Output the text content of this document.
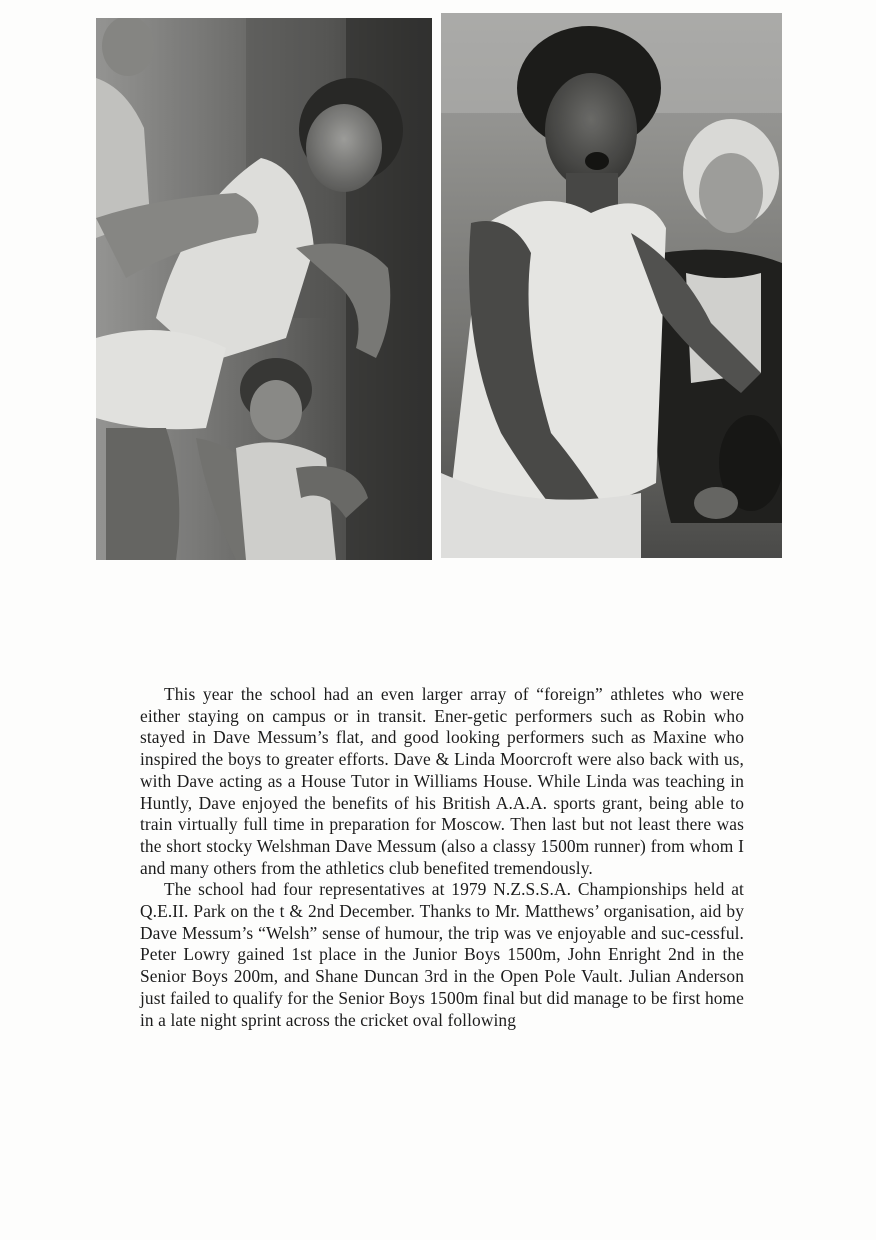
This year the school had an even larger array of “foreign” athletes who were either staying on campus or in transit. Ener-getic performers such as Robin who stayed in Dave Messum’s flat, and good looking performers such as Maxine who inspired the boys to greater efforts. Dave & Linda Moorcroft were also back with us, with Dave acting as a House Tutor in Williams House. While Linda was teaching in Huntly, Dave enjoyed the benefits of his British A.A.A. sports grant, being able to train virtually full time in preparation for Moscow. Then last but not least there was the short stocky Welshman Dave Messum (also a classy 1500m runner) from whom I and many others from the athletics club benefited tremendously.

The school had four representatives at 1979 N.Z.S.S.A. Championships held at Q.E.II. Park on the t & 2nd December. Thanks to Mr. Matthews’ organisation, aid by Dave Messum’s “Welsh” sense of humour, the trip was ve enjoyable and suc-cessful. Peter Lowry gained 1st place in the Junior Boys 1500m, John Enright 2nd in the Senior Boys 200m, and Shane Duncan 3rd in the Open Pole Vault. Julian Anderson just failed to qualify for the Senior Boys 1500m final but did manage to be first home in a late night sprint across the cricket oval following
